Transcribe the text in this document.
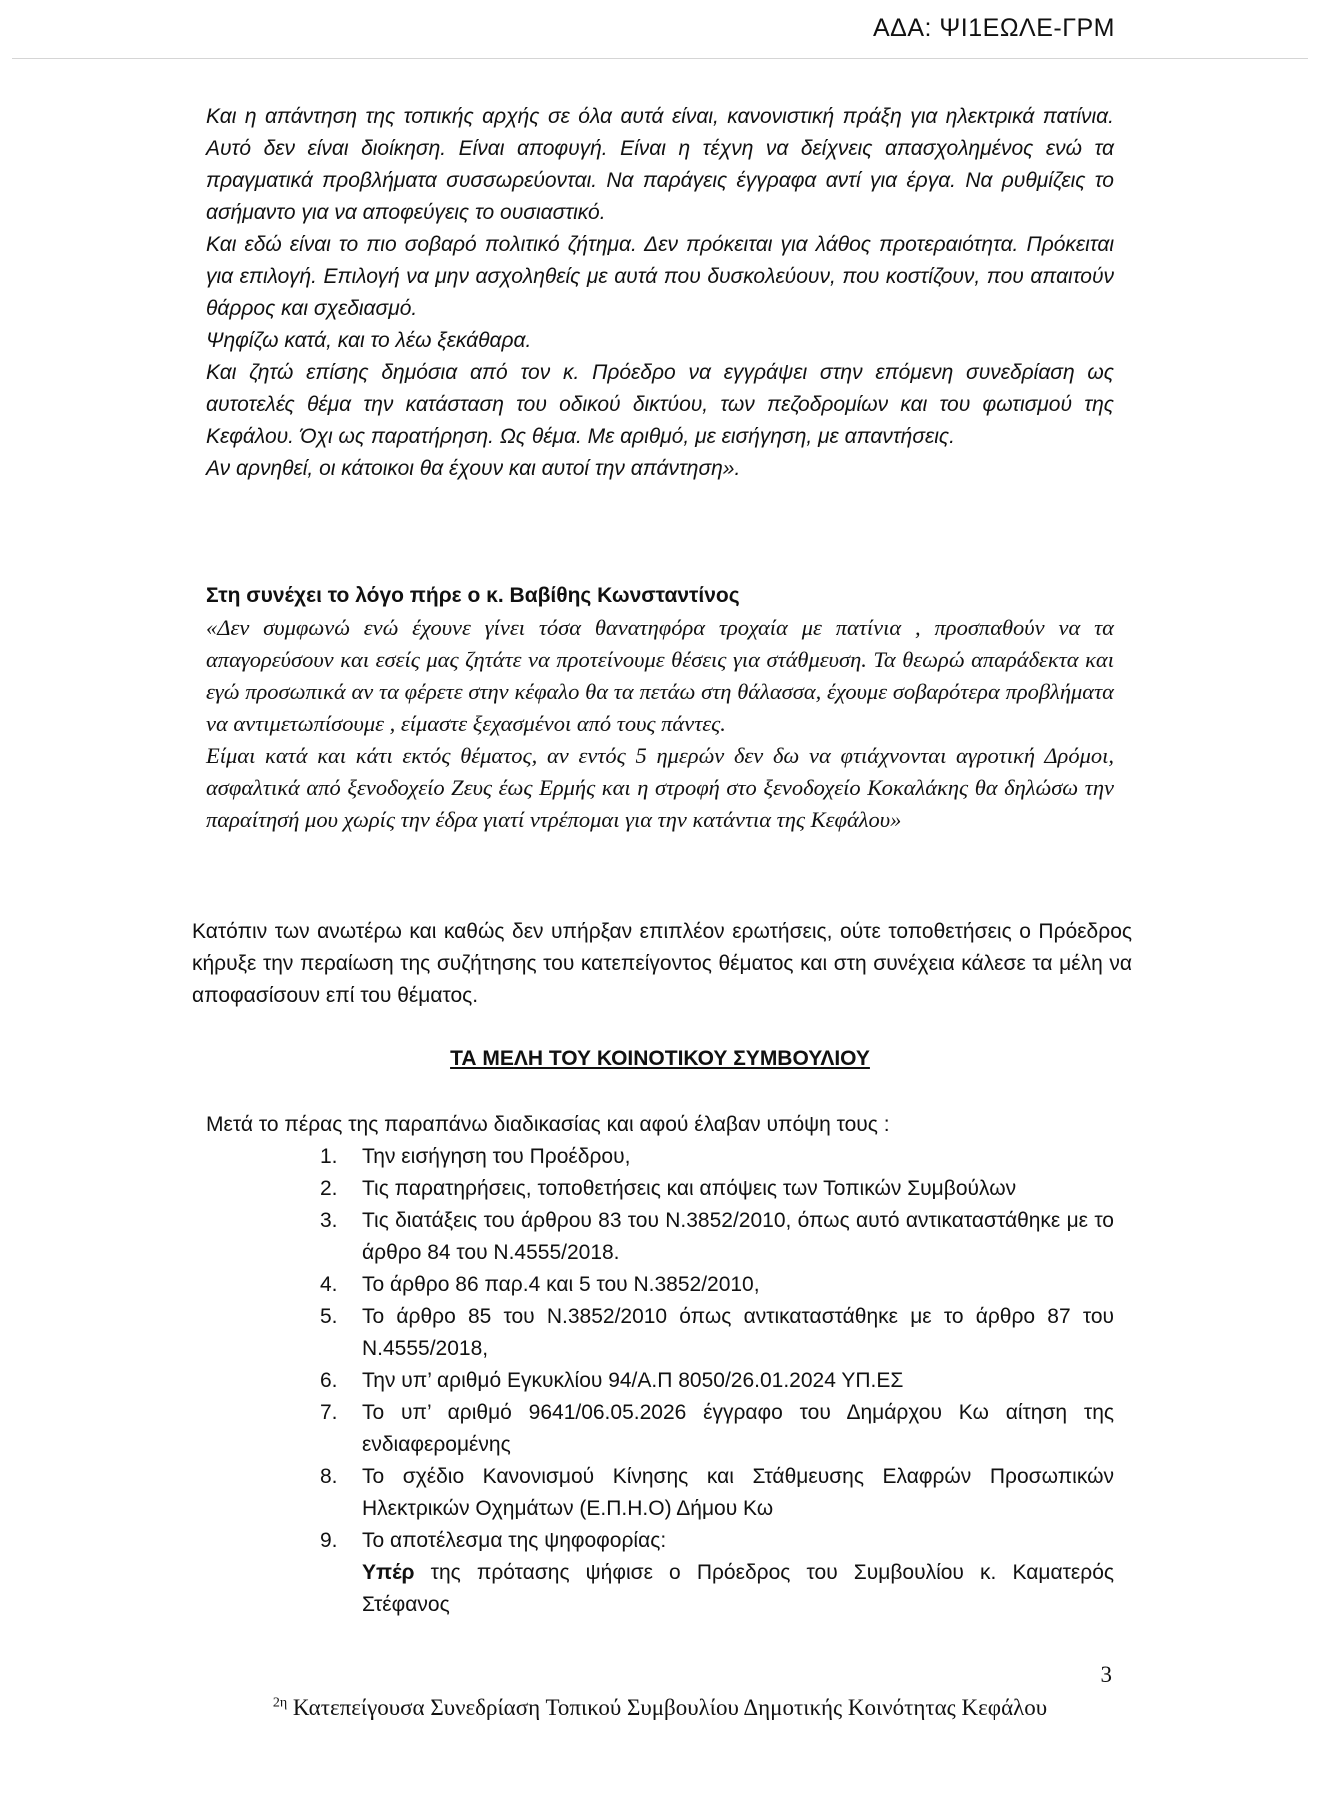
ΑΔΑ: ΨΙ1ΕΩΛΕ-ΓΡΜ

Και η απάντηση της τοπικής αρχής σε όλα αυτά είναι, κανονιστική πράξη για ηλεκτρικά πατίνια. Αυτό δεν είναι διοίκηση. Είναι αποφυγή. Είναι η τέχνη να δείχνεις απασχολημένος ενώ τα πραγματικά προβλήματα συσσωρεύονται. Να παράγεις έγγραφα αντί για έργα. Να ρυθμίζεις το ασήμαντο για να αποφεύγεις το ουσιαστικό.

Και εδώ είναι το πιο σοβαρό πολιτικό ζήτημα. Δεν πρόκειται για λάθος προτεραιότητα. Πρόκειται για επιλογή. Επιλογή να μην ασχοληθείς με αυτά που δυσκολεύουν, που κοστίζουν, που απαιτούν θάρρος και σχεδιασμό.

Ψηφίζω κατά, και το λέω ξεκάθαρα.

Και ζητώ επίσης δημόσια από τον κ. Πρόεδρο να εγγράψει στην επόμενη συνεδρίαση ως αυτοτελές θέμα την κατάσταση του οδικού δικτύου, των πεζοδρομίων και του φωτισμού της Κεφάλου. Όχι ως παρατήρηση. Ως θέμα. Με αριθμό, με εισήγηση, με απαντήσεις.

Αν αρνηθεί, οι κάτοικοι θα έχουν και αυτοί την απάντηση».

Στη συνέχει το λόγο πήρε ο κ. Βαβίθης Κωνσταντίνος

«Δεν συμφωνώ ενώ έχουνε γίνει τόσα θανατηφόρα τροχαία με πατίνια , προσπαθούν να τα απαγορεύσουν και εσείς μας ζητάτε να προτείνουμε θέσεις για στάθμευση. Τα θεωρώ απαράδεκτα και εγώ προσωπικά αν τα φέρετε στην κέφαλο θα τα πετάω στη θάλασσα, έχουμε σοβαρότερα προβλήματα να αντιμετωπίσουμε , είμαστε ξεχασμένοι από τους πάντες.

Είμαι κατά και κάτι εκτός θέματος, αν εντός 5 ημερών δεν δω να φτιάχνονται αγροτική Δρόμοι, ασφαλτικά από ξενοδοχείο Ζευς έως Ερμής και η στροφή στο ξενοδοχείο Κοκαλάκης θα δηλώσω την παραίτησή μου χωρίς την έδρα γιατί ντρέπομαι για την κατάντια της Κεφάλου»

Κατόπιν των ανωτέρω και καθώς δεν υπήρξαν επιπλέον ερωτήσεις, ούτε τοποθετήσεις ο Πρόεδρος κήρυξε την περαίωση της συζήτησης του κατεπείγοντος θέματος και στη συνέχεια κάλεσε τα μέλη να αποφασίσουν επί του θέματος.

ΤΑ ΜΕΛΗ ΤΟΥ ΚΟΙΝΟΤΙΚΟΥ ΣΥΜΒΟΥΛΙΟΥ

Μετά το πέρας της παραπάνω διαδικασίας και αφού έλαβαν υπόψη τους :

1. Την εισήγηση του Προέδρου,
2. Τις παρατηρήσεις, τοποθετήσεις και απόψεις των Τοπικών Συμβούλων
3. Τις διατάξεις του άρθρου 83 του Ν.3852/2010, όπως αυτό αντικαταστάθηκε με το άρθρο 84 του Ν.4555/2018.
4. Το άρθρο 86 παρ.4 και 5 του Ν.3852/2010,
5. Το άρθρο 85 του Ν.3852/2010 όπως αντικαταστάθηκε με το άρθρο 87 του Ν.4555/2018,
6. Την υπ’ αριθμό Εγκυκλίου 94/Α.Π 8050/26.01.2024 ΥΠ.ΕΣ
7. Το υπ’ αριθμό 9641/06.05.2026 έγγραφο του Δημάρχου Κω αίτηση της ενδιαφερομένης
8. Το σχέδιο Κανονισμού Κίνησης και Στάθμευσης Ελαφρών Προσωπικών Ηλεκτρικών Οχημάτων (Ε.Π.Η.Ο) Δήμου Κω
9. Το αποτέλεσμα της ψηφοφορίας:

Υπέρ της πρότασης ψήφισε ο Πρόεδρος του Συμβουλίου κ. Καματερός Στέφανος

3
$^{2\eta}$ Κατεπείγουσα Συνεδρίαση Τοπικού Συμβουλίου Δημοτικής Κοινότητας Κεφάλου
